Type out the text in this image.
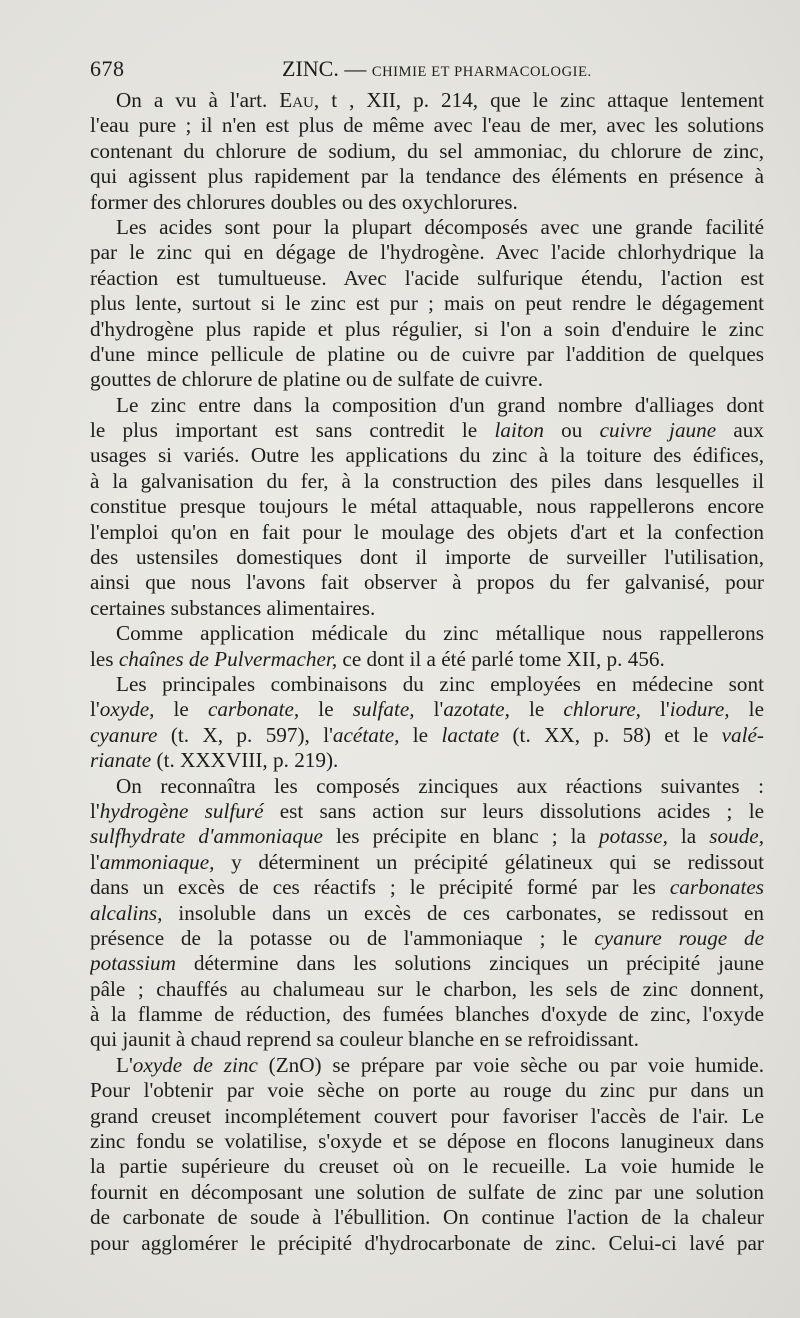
678	ZINC. — CHIMIE ET PHARMACOLOGIE.
On a vu à l'art. Eau, t , XII, p. 214, que le zinc attaque lentement
l'eau pure ; il n'en est plus de même avec l'eau de mer, avec les solutions
contenant du chlorure de sodium, du sel ammoniac, du chlorure de zinc,
qui agissent plus rapidement par la tendance des éléments en présence à
former des chlorures doubles ou des oxychlorures.
Les acides sont pour la plupart décomposés avec une grande facilité
par le zinc qui en dégage de l'hydrogène. Avec l'acide chlorhydrique la
réaction est tumultueuse. Avec l'acide sulfurique étendu, l'action est
plus lente, surtout si le zinc est pur ; mais on peut rendre le dégagement
d'hydrogène plus rapide et plus régulier, si l'on a soin d'enduire le zinc
d'une mince pellicule de platine ou de cuivre par l'addition de quelques
gouttes de chlorure de platine ou de sulfate de cuivre.
Le zinc entre dans la composition d'un grand nombre d'alliages dont
le plus important est sans contredit le laiton ou cuivre jaune aux
usages si variés. Outre les applications du zinc à la toiture des édifices,
à la galvanisation du fer, à la construction des piles dans lesquelles il
constitue presque toujours le métal attaquable, nous rappellerons encore
l'emploi qu'on en fait pour le moulage des objets d'art et la confection
des ustensiles domestiques dont il importe de surveiller l'utilisation,
ainsi que nous l'avons fait observer à propos du fer galvanisé, pour
certaines substances alimentaires.
Comme application médicale du zinc métallique nous rappellerons
les chaînes de Pulvermacher, ce dont il a été parlé tome XII, p. 456.
Les principales combinaisons du zinc employées en médecine sont
l'oxyde, le carbonate, le sulfate, l'azotate, le chlorure, l'iodure, le
cyanure (t. X, p. 597), l'acétate, le lactate (t. XX, p. 58) et le valé-
rianate (t. XXXVIII, p. 219).
On reconnaîtra les composés zinciques aux réactions suivantes :
l'hydrogène sulfuré est sans action sur leurs dissolutions acides ; le
sulfhydrate d'ammoniaque les précipite en blanc ; la potasse, la soude,
l'ammoniaque, y déterminent un précipité gélatineux qui se redissout
dans un excès de ces réactifs ; le précipité formé par les carbonates
alcalins, insoluble dans un excès de ces carbonates, se redissout en
présence de la potasse ou de l'ammoniaque ; le cyanure rouge de
potassium détermine dans les solutions zinciques un précipité jaune
pâle ; chauffés au chalumeau sur le charbon, les sels de zinc donnent,
à la flamme de réduction, des fumées blanches d'oxyde de zinc, l'oxyde
qui jaunit à chaud reprend sa couleur blanche en se refroidissant.
L'oxyde de zinc (ZnO) se prépare par voie sèche ou par voie humide.
Pour l'obtenir par voie sèche on porte au rouge du zinc pur dans un
grand creuset incomplétement couvert pour favoriser l'accès de l'air. Le
zinc fondu se volatilise, s'oxyde et se dépose en flocons lanugineux dans
la partie supérieure du creuset où on le recueille. La voie humide le
fournit en décomposant une solution de sulfate de zinc par une solution
de carbonate de soude à l'ébullition. On continue l'action de la chaleur
pour agglomérer le précipité d'hydrocarbonate de zinc. Celui-ci lavé par
